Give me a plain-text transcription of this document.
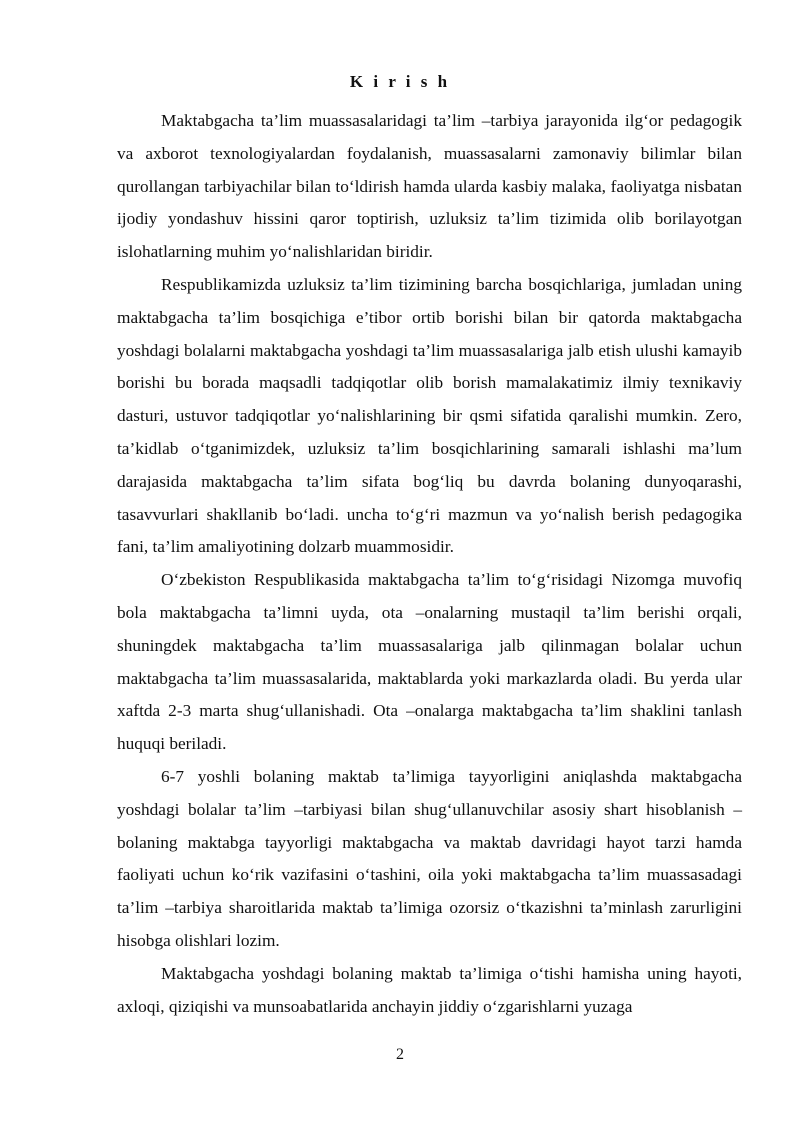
K i r i s h

Maktabgacha ta’lim muassasalaridagi ta’lim –tarbiya jarayonida ilg‘or pedagogik va axborot texnologiyalardan foydalanish, muassasalarni zamonaviy bilimlar bilan qurollangan tarbiyachilar bilan to‘ldirish hamda ularda kasbiy malaka, faoliyatga nisbatan ijodiy yondashuv hissini qaror toptirish, uzluksiz ta’lim tizimida olib borilayotgan islohatlarning muhim yo‘nalishlaridan biridir.

Respublikamizda uzluksiz ta’lim tizimining barcha bosqichlariga, jumladan uning maktabgacha ta’lim bosqichiga e’tibor ortib borishi bilan bir qatorda maktabgacha yoshdagi bolalarni maktabgacha yoshdagi ta’lim muassasalariga jalb etish ulushi kamayib borishi bu borada maqsadli tadqiqotlar olib borish mamalakatimiz ilmiy texnikaviy dasturi, ustuvor tadqiqotlar yo‘nalishlarining bir qsmi sifatida qaralishi mumkin. Zero, ta’kidlab o‘tganimizdek, uzluksiz ta’lim bosqichlarining samarali ishlashi ma’lum darajasida maktabgacha ta’lim sifata bog‘liq bu davrda bolaning dunyoqarashi, tasavvurlari shakllanib bo‘ladi. uncha to‘g‘ri mazmun va yo‘nalish berish pedagogika fani, ta’lim amaliyotining dolzarb muammosidir.

O‘zbekiston Respublikasida maktabgacha ta’lim to‘g‘risidagi Nizomga muvofiq bola maktabgacha ta’limni uyda, ota –onalarning mustaqil ta’lim berishi orqali, shuningdek maktabgacha ta’lim muassasalariga jalb qilinmagan bolalar uchun maktabgacha ta’lim muassasalarida, maktablarda yoki markazlarda oladi. Bu yerda ular xaftda 2-3 marta shug‘ullanishadi. Ota –onalarga maktabgacha ta’lim shaklini tanlash huquqi beriladi.

6-7 yoshli bolaning maktab ta’limiga tayyorligini aniqlashda maktabgacha yoshdagi bolalar ta’lim –tarbiyasi bilan shug‘ullanuvchilar asosiy shart hisoblanish – bolaning maktabga tayyorligi maktabgacha va maktab davridagi hayot tarzi hamda faoliyati uchun ko‘rik vazifasini o‘tashini, oila yoki maktabgacha ta’lim muassasadagi ta’lim –tarbiya sharoitlarida maktab ta’limiga ozorsiz o‘tkazishni ta’minlash zarurligini hisobga olishlari lozim.

Maktabgacha yoshdagi bolaning maktab ta’limiga o‘tishi hamisha uning hayoti, axloqi, qiziqishi va munsoabatlarida anchayin jiddiy o‘zgarishlarni yuzaga

2
